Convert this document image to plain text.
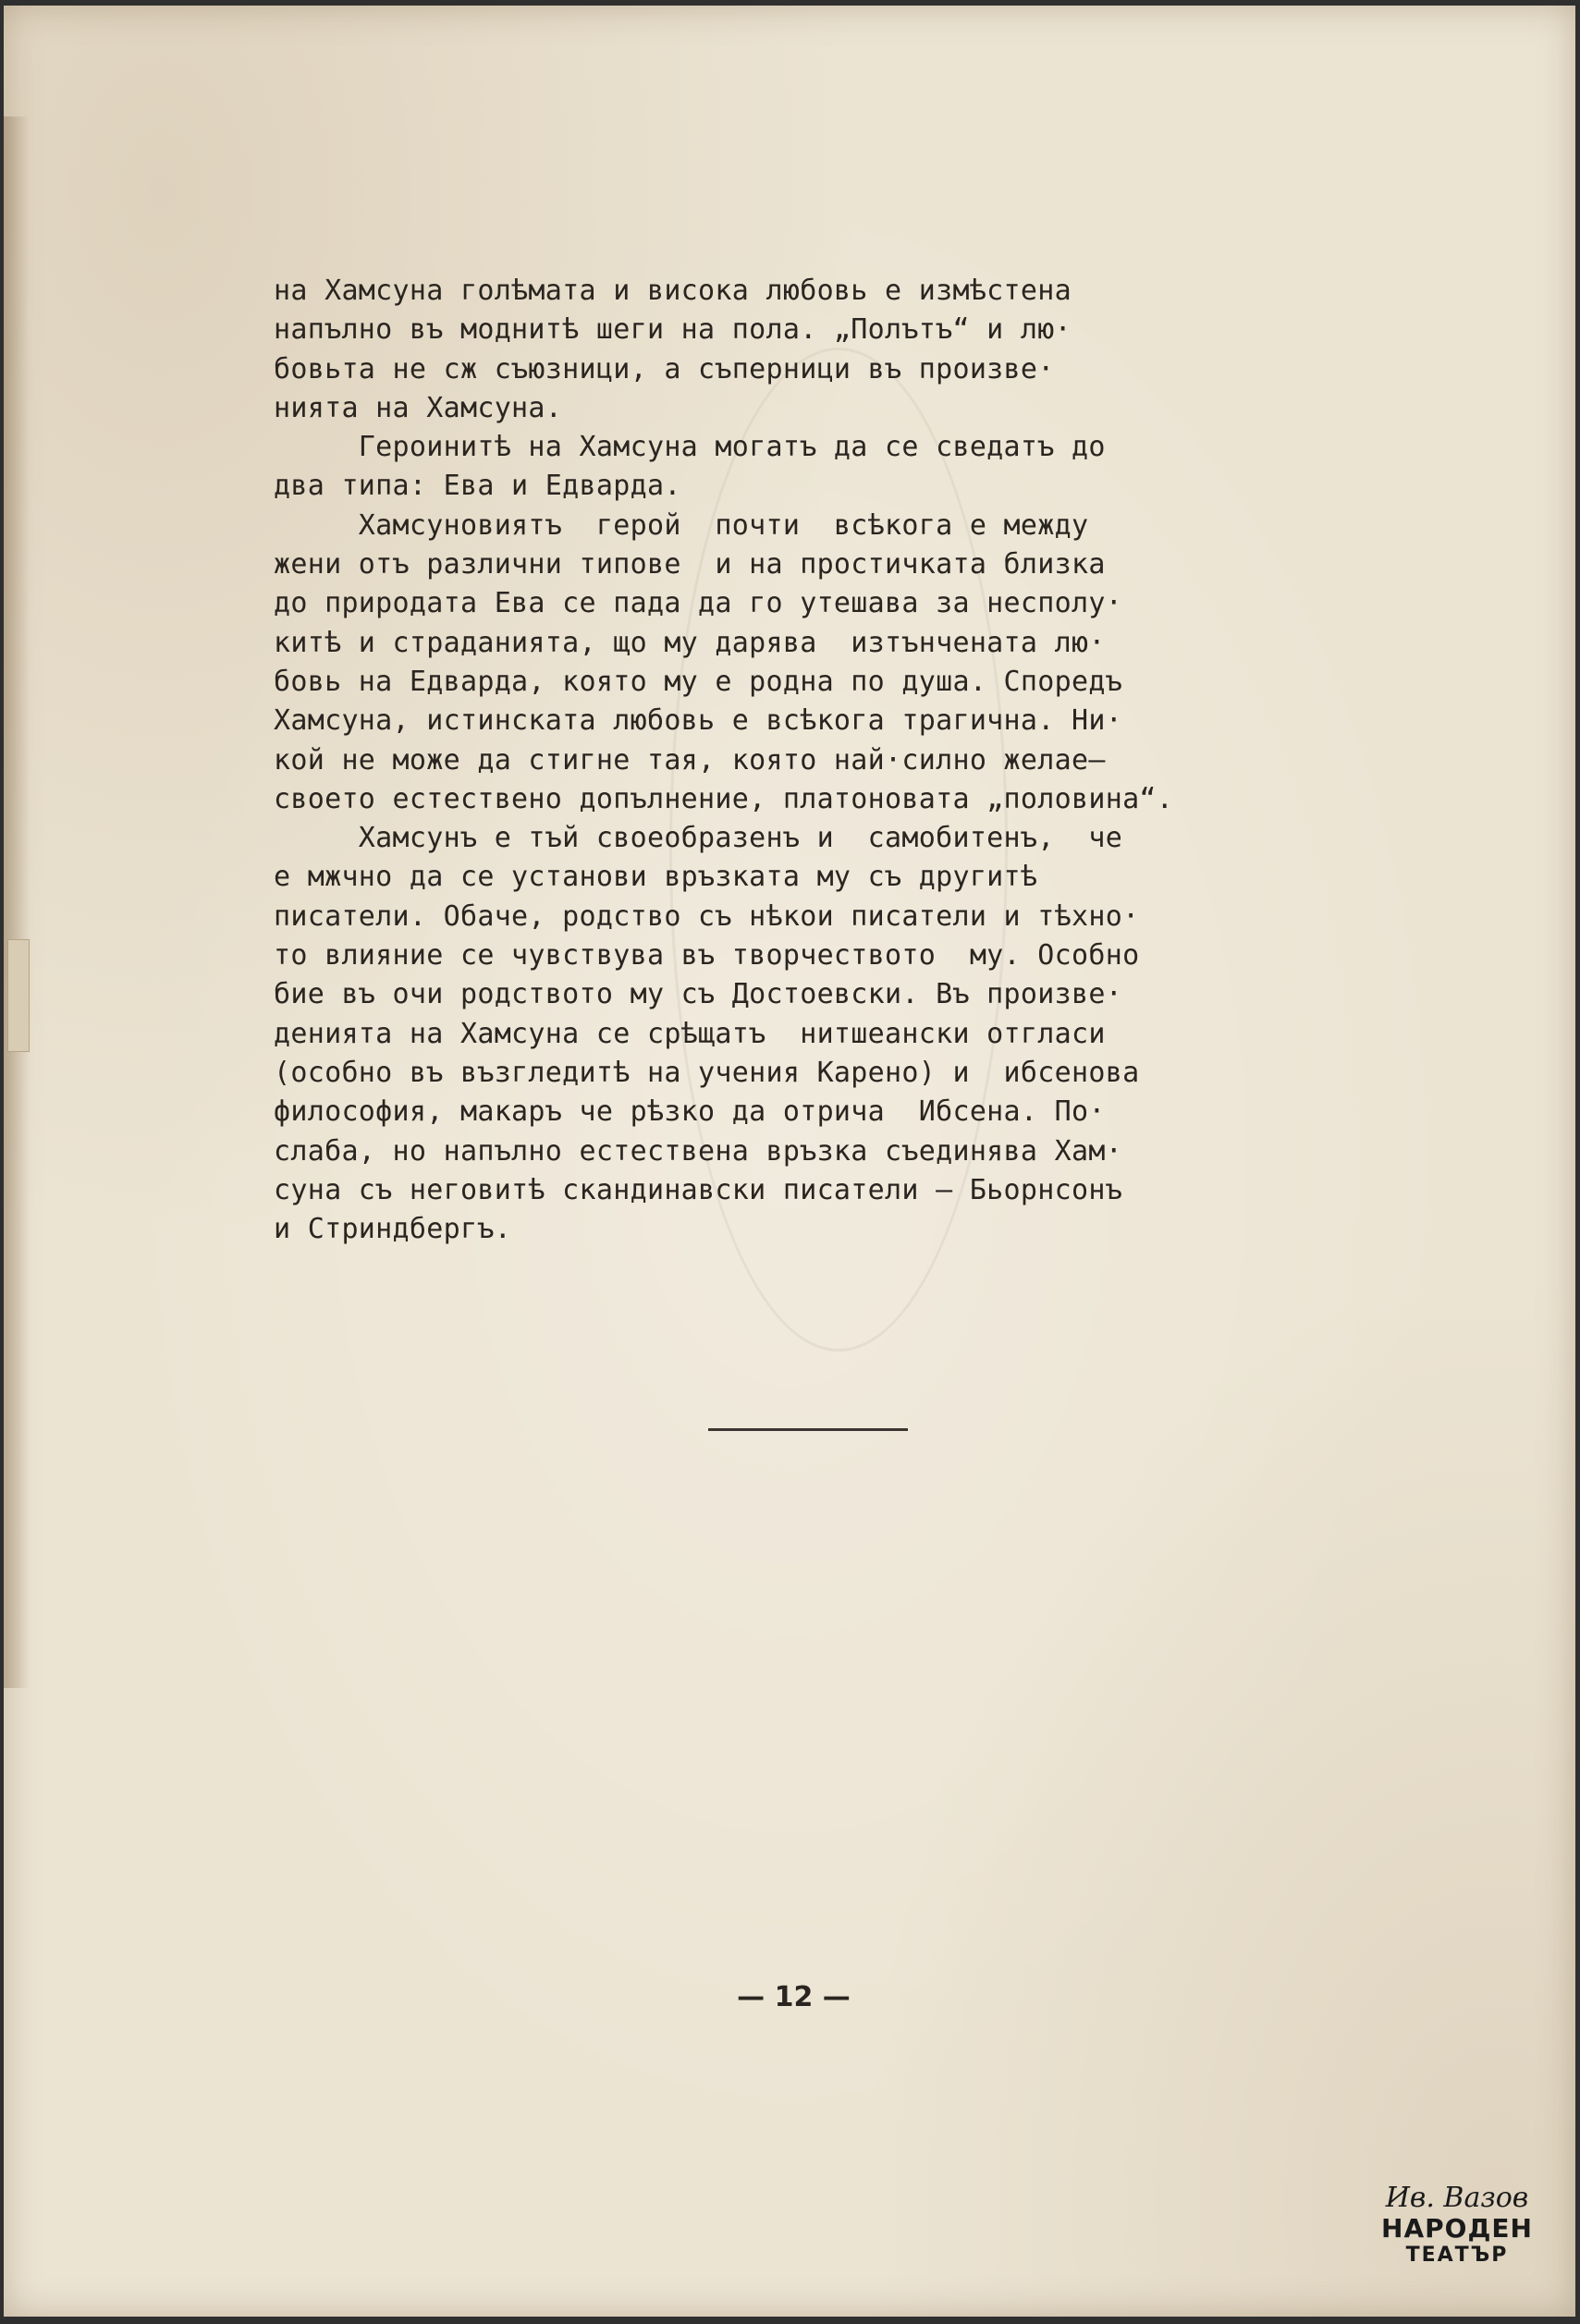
на Хамсуна голѣмата и висока любовь е измѣстена
напълно въ моднитѣ шеги на пола. „Полътъ“ и лю·
бовьта не сж съюзници, а съперници въ произве·
нията на Хамсуна.
Героинитѣ на Хамсуна могатъ да се сведатъ до
два типа: Ева и Едварда.
Хамсуновиятъ  герой  почти  всѣкога е между
жени отъ различни типове  и на простичката близка
до природата Ева се пада да го утешава за несполу·
китѣ и страданията, що му дарява  изтънчената лю·
бовь на Едварда, която му е родна по душа. Споредъ
Хамсуна, истинската любовь е всѣкога трагична. Ни·
кой не може да стигне тая, която най·силно желае—
своето естествено допълнение, платоновата „половина“.
Хамсунъ е тъй своеобразенъ и  самобитенъ,  че
е мжчно да се установи връзката му съ другитѣ
писатели. Обаче, родство съ нѣкои писатели и тѣхно·
то влияние се чувствува въ творчеството  му. Особно
бие въ очи родството му съ Достоевски. Въ произве·
денията на Хамсуна се срѣщатъ  нитшеански отгласи
(особно въ възгледитѣ на учения Карено) и  ибсенова
философия, макаръ че рѣзко да отрича  Ибсена. По·
слаба, но напълно естествена връзка съединява Хам·
суна съ неговитѣ скандинавски писатели — Бьорнсонъ
и Стриндбергъ.
— 12 —
Ив. Вазов
НАРОДЕН
ТЕАТЪР
